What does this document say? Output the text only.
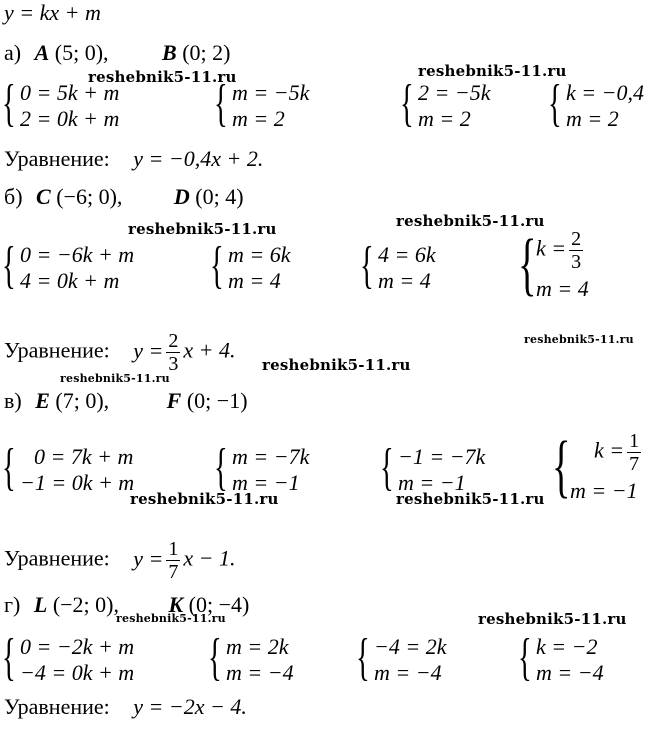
y = kx + m
а) A (5; 0), B (0; 2)
{ 0 = 5k + m
2 = 0k + m { m = −5k
m = 2	{ 2 = −5k
m = 2	{ k = −0,4
m = 2
Уравнение: y = −0,4x + 2.
б) C (−6; 0), D (0; 4)
{ 0 = −6k + m
4 = 0k + m { m = 6k
m = 4 { 4 = 6k
m = 4 { $k = \frac{2}{3}$
m = 4
Уравнение: $y = \frac{2}{3}$ x + 4.
в) E (7; 0),	F (0; −1)
{ 0 = 7k + m
−1 = 0k + m { m = −7k
m = −1 { −1 = −7k
m = −1 {	$k = \frac{1}{7}$
m = −1
Уравнение: $y = \frac{1}{7}$ x − 1.
г) L (−2; 0), K (0; −4)
{ 0 = −2k + m
−4 = 0k + m { m = 2k
m = −4 { −4 = 2k
m = −4 { k = −2
m = −4
Уравнение: y = −2x − 4.
reshebnik5-11.ru	reshebnik5-11.ru
reshebnik5-11.ru	reshebnik5-11.ru
reshebnik5-11.ru
reshebnik5-11.ru
reshebnik5-11.ru
reshebnik5-11.ru	reshebnik5-11.ru
reshebnik5-11.ru	reshebnik5-11.ru
